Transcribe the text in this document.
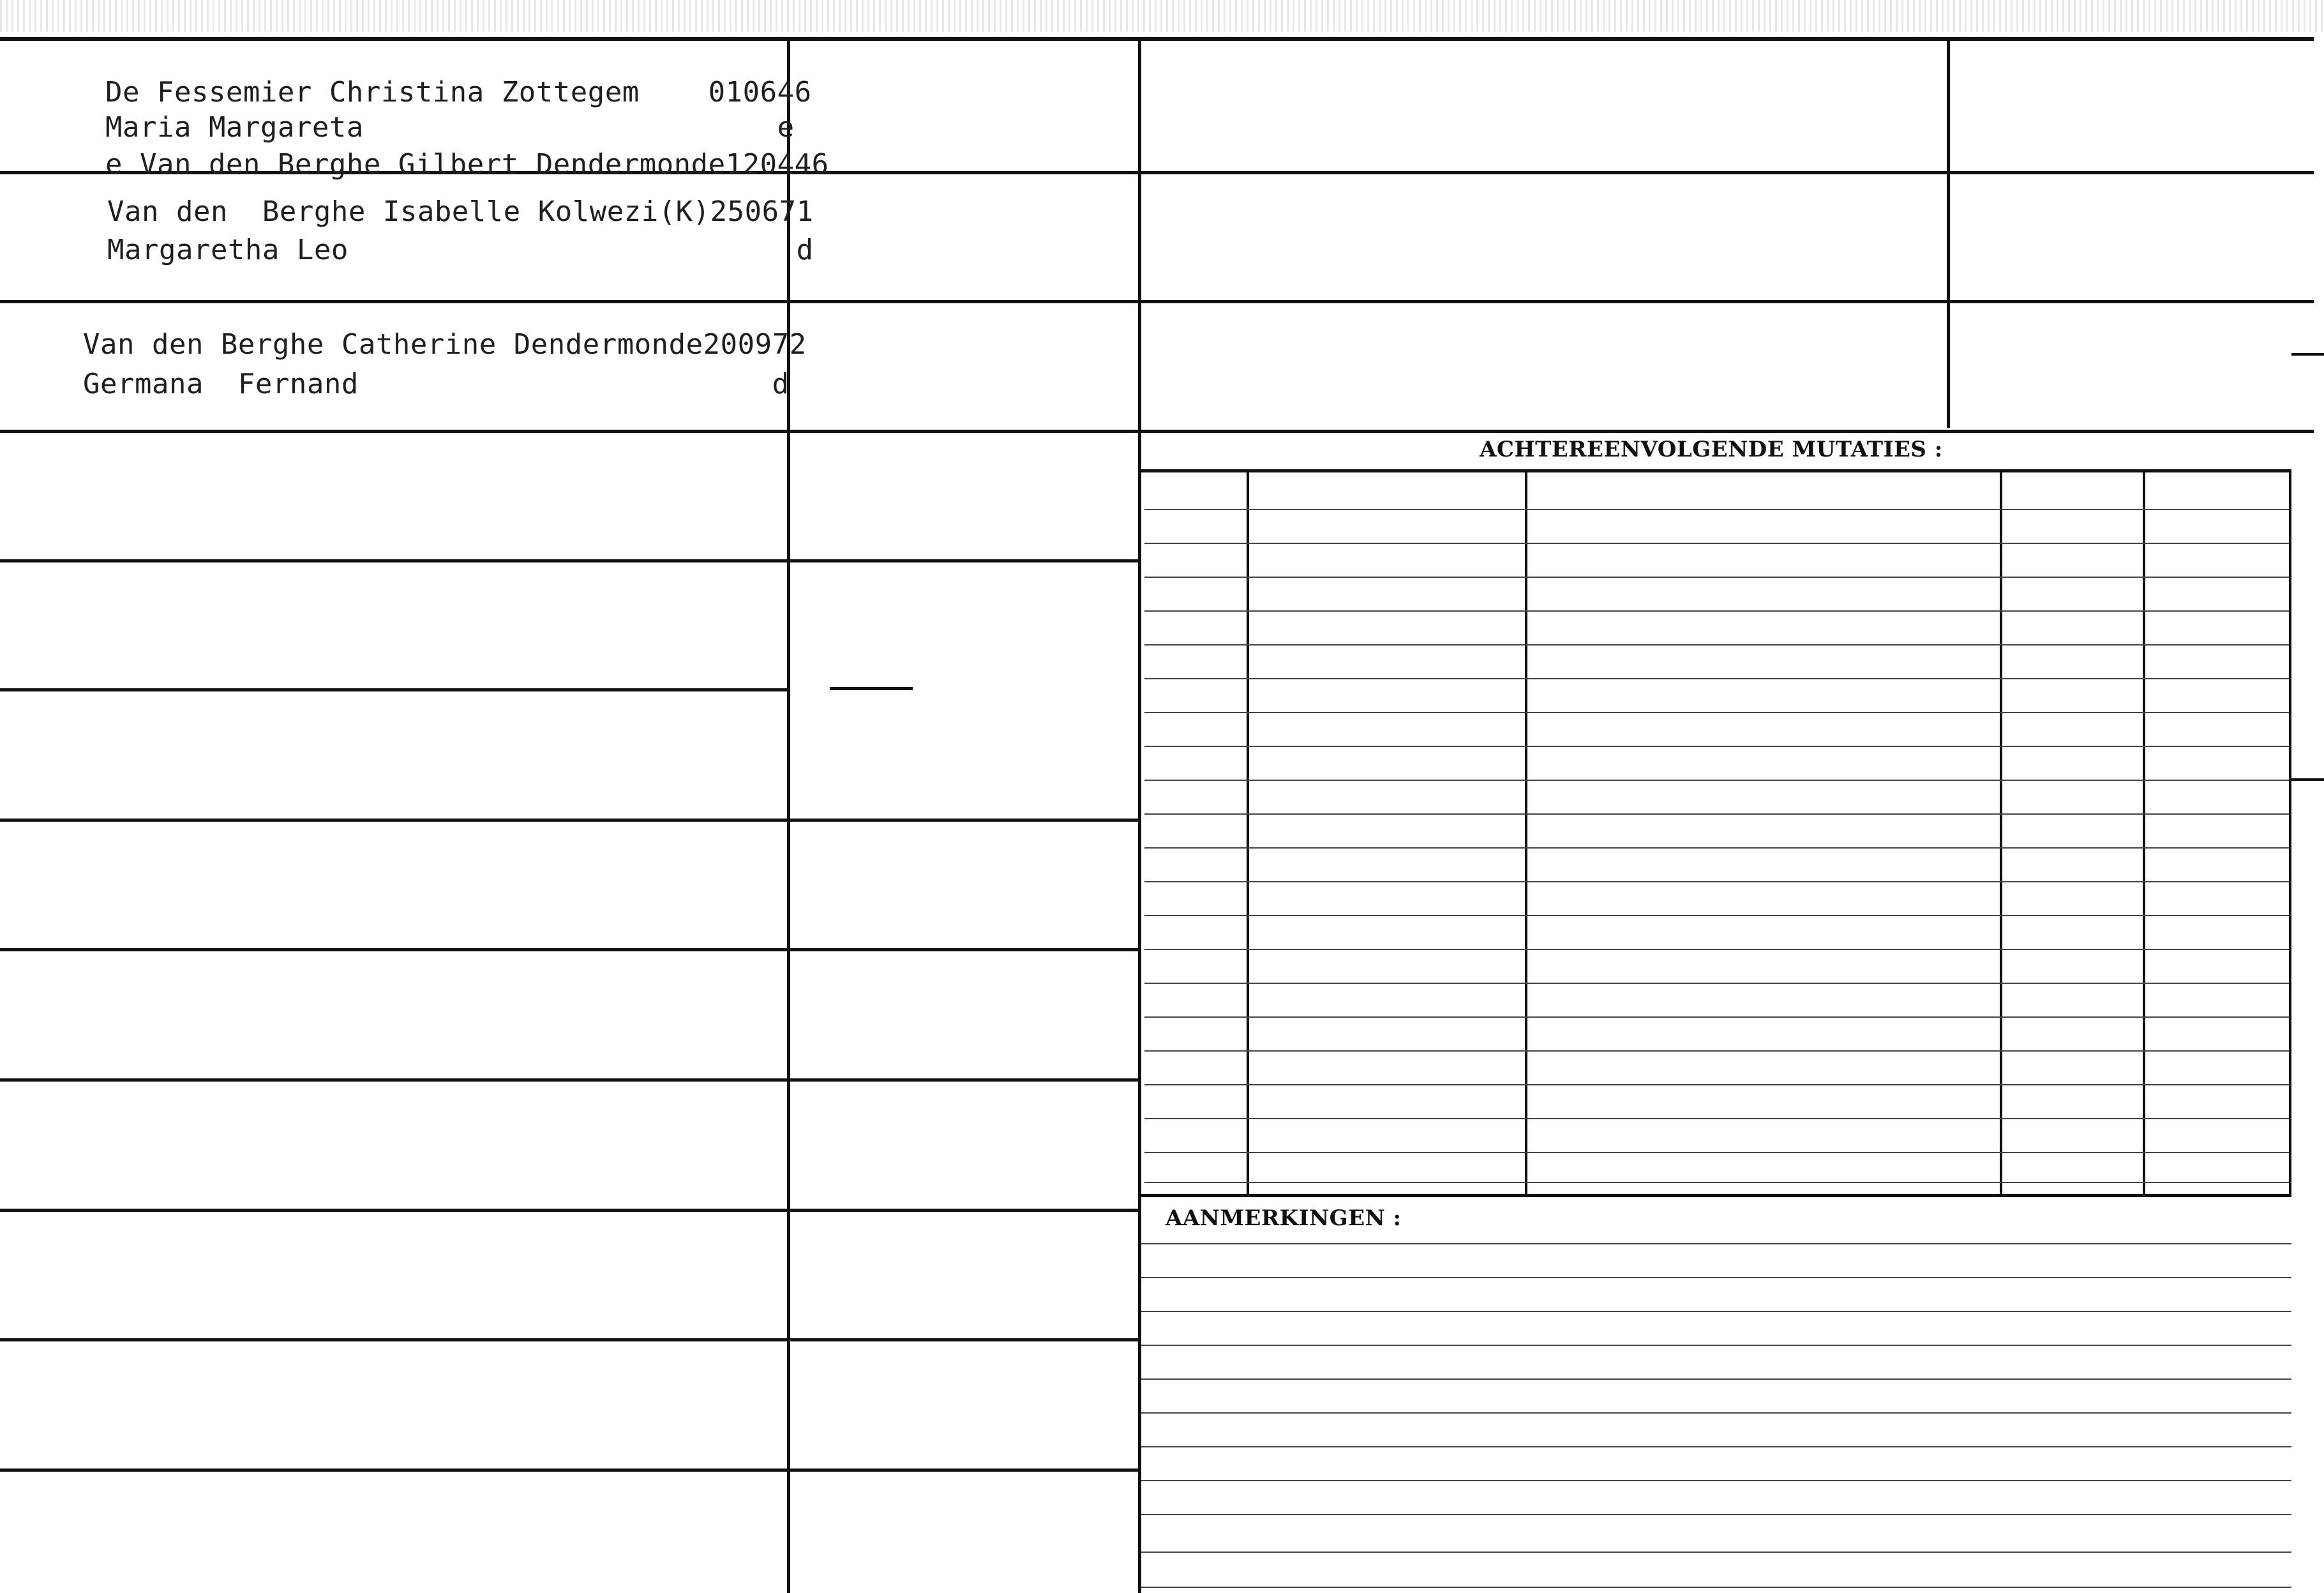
ACHTEREENVOLGENDE MUTATIES :
AANMERKINGEN :
De Fessemier Christina Zottegem    010646
Maria Margareta                        e
e Van den Berghe Gilbert Dendermonde120446
Van den  Berghe Isabelle Kolwezi(K)250671
Margaretha Leo                          d
Van den Berghe Catherine Dendermonde200972
Germana  Fernand                        d
